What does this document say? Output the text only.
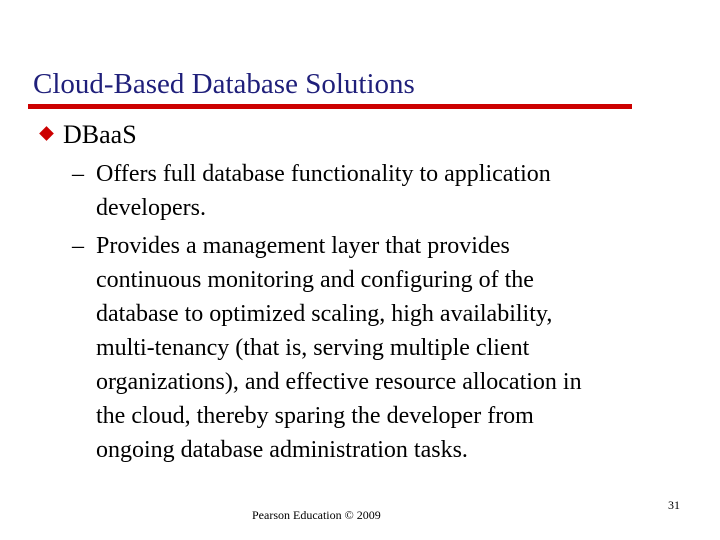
Cloud-Based Database Solutions
DBaaS
– Offers full database functionality to application
developers.
– Provides a management layer that provides
continuous monitoring and configuring of the
database to optimized scaling, high availability,
multi-tenancy (that is, serving multiple client
organizations), and effective resource allocation in
the cloud, thereby sparing the developer from
ongoing database administration tasks.
Pearson Education © 2009
31
